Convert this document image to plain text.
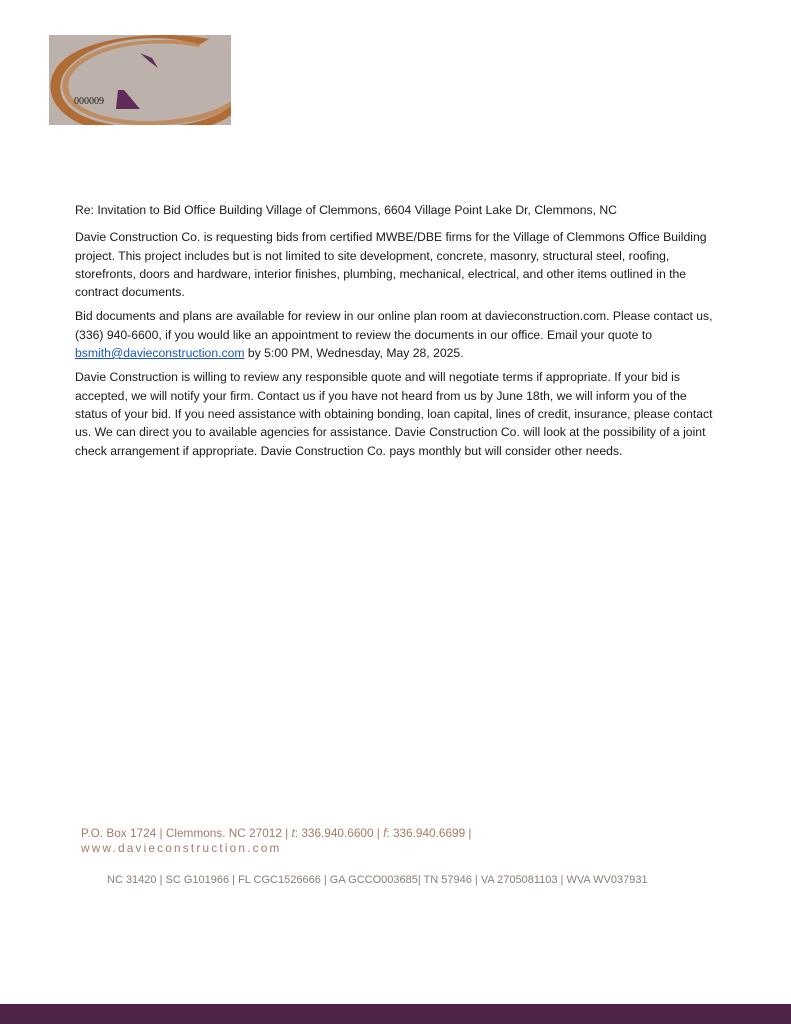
000009

Re: Invitation to Bid Office Building Village of Clemmons, 6604 Village Point Lake Dr, Clemmons, NC

Davie Construction Co. is requesting bids from certified MWBE/DBE firms for the Village of Clemmons Office Building project. This project includes but is not limited to site development, concrete, masonry, structural steel, roofing, storefronts, doors and hardware, interior finishes, plumbing, mechanical, electrical, and other items outlined in the contract documents.

Bid documents and plans are available for review in our online plan room at davieconstruction.com. Please contact us, (336) 940-6600, if you would like an appointment to review the documents in our office. Email your quote to bsmith@davieconstruction.com by 5:00 PM, Wednesday, May 28, 2025.

Davie Construction is willing to review any responsible quote and will negotiate terms if appropriate. If your bid is accepted, we will notify your firm. Contact us if you have not heard from us by June 18th, we will inform you of the status of your bid. If you need assistance with obtaining bonding, loan capital, lines of credit, insurance, please contact us. We can direct you to available agencies for assistance. Davie Construction Co. will look at the possibility of a joint check arrangement if appropriate. Davie Construction Co. pays monthly but will consider other needs.

P.O. Box 1724 | Clemmons. NC 27012 | t: 336.940.6600 | f: 336.940.6699 |
www.davieconstruction.com
NC 31420 | SC G101966 | FL CGC1526666 | GA GCCO003685| TN 57946 | VA 2705081103 | WVA WV037931
